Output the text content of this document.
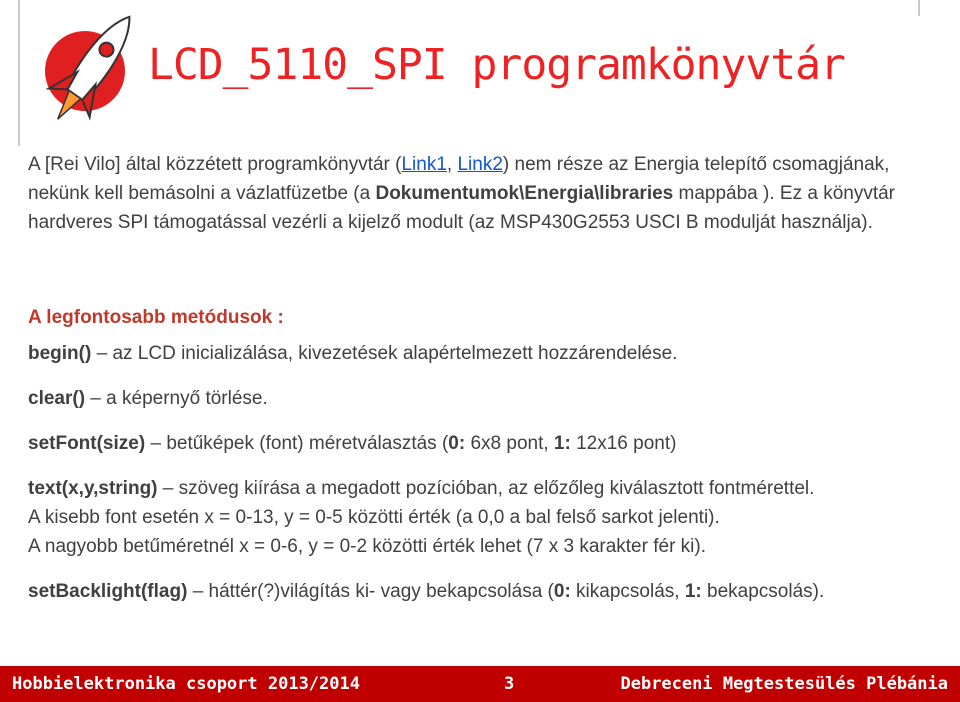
LCD_5110_SPI programkönyvtár

A [Rei Vilo] által közzétett programkönyvtár (Link1, Link2) nem része az Energia telepítő csomagjának, nekünk kell bemásolni a vázlatfüzetbe (a Dokumentumok\Energia\libraries mappába ). Ez a könyvtár hardveres SPI támogatással vezérli a kijelző modult (az MSP430G2553 USCI B modulját használja).

A legfontosabb metódusok :

begin() – az LCD inicializálása, kivezetések alapértelmezett hozzárendelése.

clear() – a képernyő törlése.

setFont(size) – betűképek (font) méretválasztás (0: 6x8 pont, 1: 12x16 pont)

text(x,y,string) – szöveg kiírása a megadott pozícióban, az előzőleg kiválasztott fontmérettel.

A kisebb font esetén x = 0-13, y = 0-5 közötti érték (a 0,0 a bal felső sarkot jelenti).

A nagyobb betűméretnél x = 0-6, y = 0-2 közötti érték lehet (7 x 3 karakter fér ki).

setBacklight(flag) – háttér(?)világítás ki- vagy bekapcsolása (0: kikapcsolás, 1: bekapcsolás).

Hobbielektronika csoport 2013/2014	3	Debreceni Megtestesülés Plébánia
